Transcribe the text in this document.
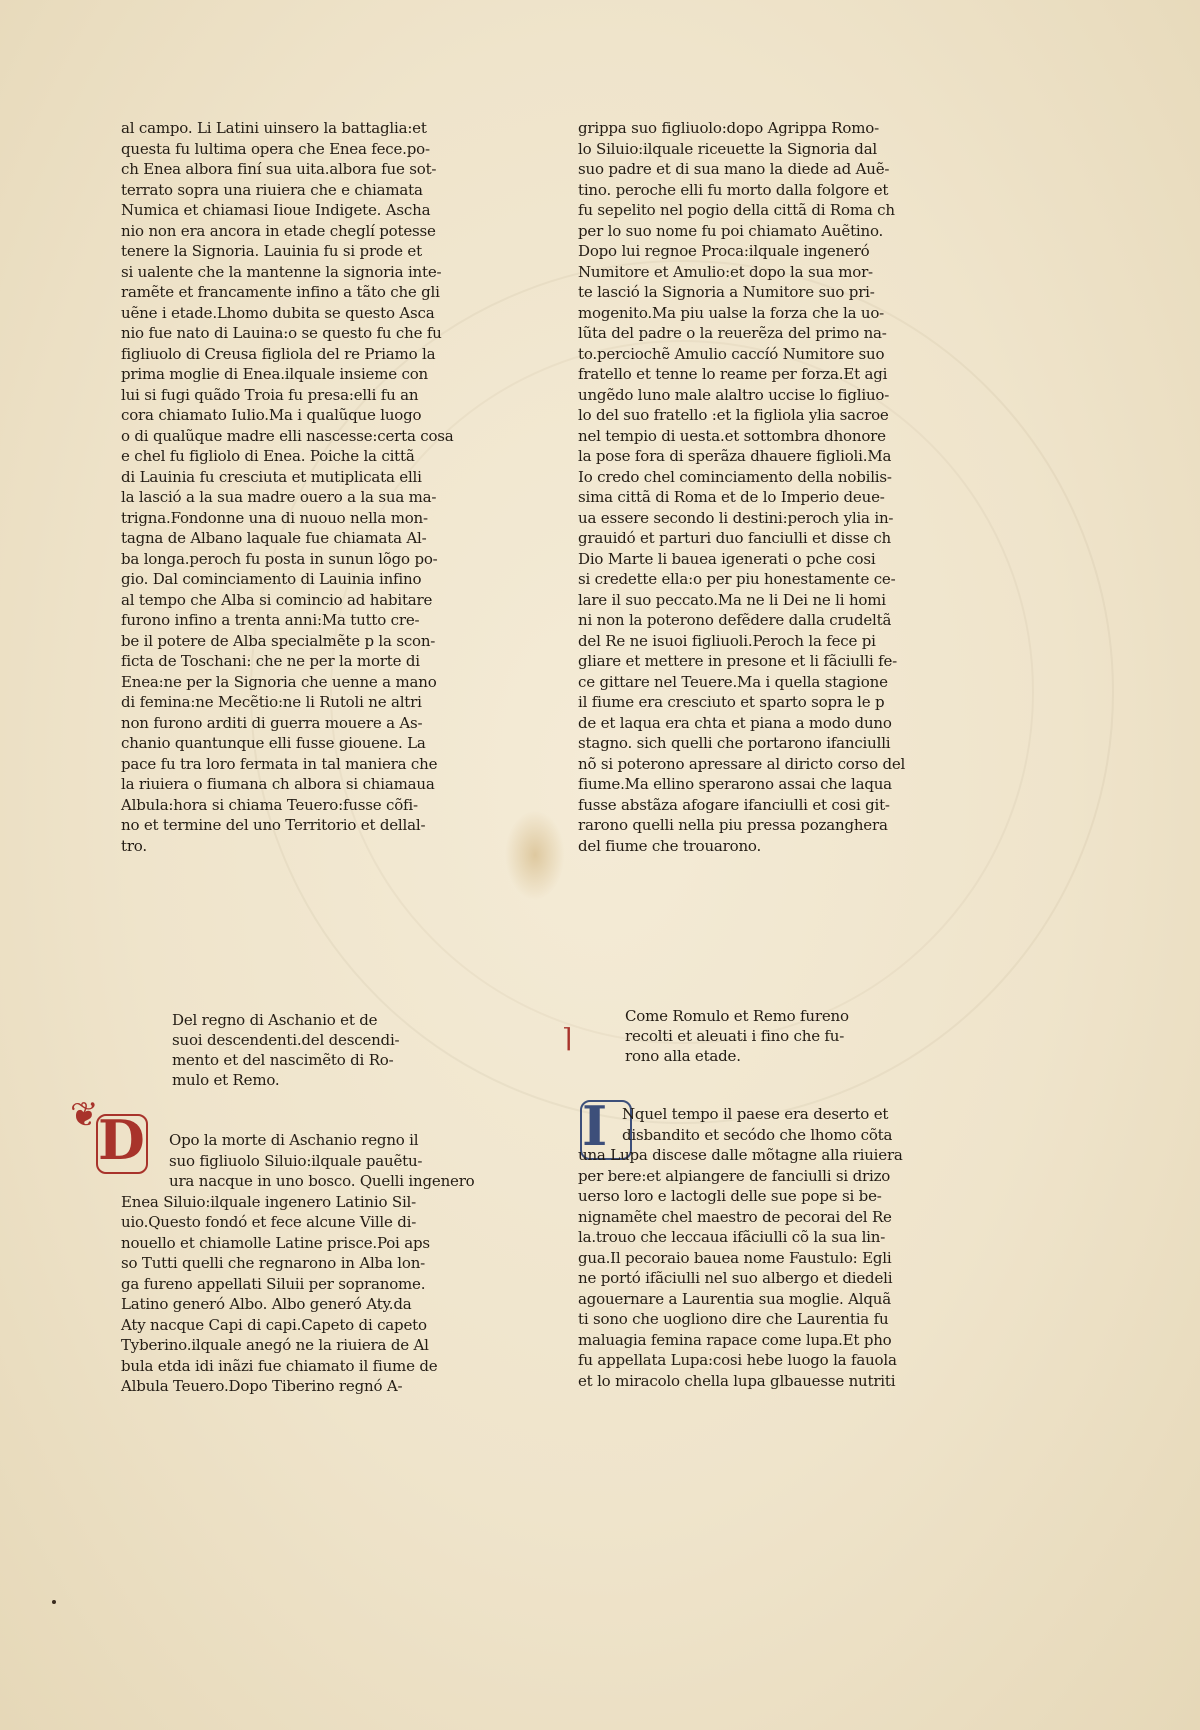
al campo. Li Latini uinsero la battaglia:et
questa fu lultima opera che Enea fece.po-
ch Enea albora finí sua uita.albora fue sot-
terrato sopra una riuiera che e chiamata
Numica et chiamasi Iioue Indigete. Ascha
nio non era ancora in etade cheglí potesse
tenere la Signoria. Lauinia fu si prode et
si ualente che la mantenne la signoria inte-
ramẽte et francamente infino a tãto che gli
uẽne i etade.Lhomo dubita se questo Asca
nio fue nato di Lauina:o se questo fu che fu
figliuolo di Creusa figliola del re Priamo la
prima moglie di Enea.ilquale insieme con
lui si fugi quãdo Troia fu presa:elli fu an
cora chiamato Iulio.Ma i qualũque luogo
o di qualũque madre elli nascesse:certa cosa
e chel fu figliolo di Enea. Poiche la cittã
di Lauinia fu cresciuta et mutiplicata elli
la lasció a la sua madre ouero a la sua ma-
trigna.Fondonne una di nuouo nella mon-
tagna de Albano laquale fue chiamata Al-
ba longa.peroch fu posta in sunun lõgo po-
gio. Dal cominciamento di Lauinia infino
al tempo che Alba si comincio ad habitare
furono infino a trenta anni:Ma tutto cre-
be il potere de Alba specialmẽte p la scon-
ficta de Toschani: che ne per la morte di
Enea:ne per la Signoria che uenne a mano
di femina:ne Mecẽtio:ne li Rutoli ne altri
non furono arditi di guerra mouere a As-
chanio quantunque elli fusse giouene. La
pace fu tra loro fermata in tal maniera che
la riuiera o fiumana ch albora si chiamaua
Albula:hora si chiama Teuero:fusse cõfi-
no et termine del uno Territorio et dellal-
tro.
Del regno di Aschanio et de
suoi descendenti.del descendi-
mento et del nascimẽto di Ro-
mulo et Remo.
D
❦
Opo la morte di Aschanio regno il
suo figliuolo Siluio:ilquale pauẽtu-
ura nacque in uno bosco. Quelli ingenero
Enea Siluio:ilquale ingenero Latinio Sil-
uio.Questo fondó et fece alcune Ville di-
nouello et chiamolle Latine prisce.Poi aps
so Tutti quelli che regnarono in Alba lon-
ga fureno appellati Siluii per sopranome.
Latino generó Albo. Albo generó Aty.da
Aty nacque Capi di capi.Capeto di capeto
Tyberino.ilquale anegó ne la riuiera de Al
bula etda idi inãzi fue chiamato il fiume de
Albula Teuero.Dopo Tiberino regnó A-
grippa suo figliuolo:dopo Agrippa Romo-
lo Siluio:ilquale riceuette la Signoria dal
suo padre et di sua mano la diede ad Auẽ-
tino. peroche elli fu morto dalla folgore et
fu sepelito nel pogio della cittã di Roma ch
per lo suo nome fu poi chiamato Auẽtino.
Dopo lui regnoe Proca:ilquale ingeneró
Numitore et Amulio:et dopo la sua mor-
te lasció la Signoria a Numitore suo pri-
mogenito.Ma piu ualse la forza che la uo-
lũta del padre o la reuerẽza del primo na-
to.perciochẽ Amulio caccíó Numitore suo
fratello et tenne lo reame per forza.Et agi
ungẽdo luno male alaltro uccise lo figliuo-
lo del suo fratello :et la figliola ylia sacroe
nel tempio di uesta.et sottombra dhonore
la pose fora di sperãza dhauere figlioli.Ma
Io credo chel cominciamento della nobilis-
sima cittã di Roma et de lo Imperio deue-
ua essere secondo li destini:peroch ylia in-
grauidó et parturi duo fanciulli et disse ch
Dio Marte li bauea igenerati o pche cosi
si credette ella:o per piu honestamente ce-
lare il suo peccato.Ma ne li Dei ne li homi
ni non la poterono defẽdere dalla crudeltã
del Re ne isuoi figliuoli.Peroch la fece pi
gliare et mettere in presone et li fãciulli fe-
ce gittare nel Teuere.Ma i quella stagione
il fiume era cresciuto et sparto sopra le p
de et laqua era chta et piana a modo duno
stagno. sich quelli che portarono ifanciulli
nõ si poterono apressare al diricto corso del
fiume.Ma ellino sperarono assai che laqua
fusse abstãza afogare ifanciulli et cosi git-
rarono quelli nella piu pressa pozanghera
del fiume che trouarono.
Come Romulo et Remo fureno
recolti et aleuati i fino che fu-
rono alla etade.
⌉
I Nquel tempo il paese era deserto et
disbandito et secódo che lhomo cõta
una Lupa discese dalle mõtagne alla riuiera
per bere:et alpiangere de fanciulli si drizo
uerso loro e lactogli delle sue pope si be-
nignamẽte chel maestro de pecorai del Re
la.trouo che leccaua ifãciulli cõ la sua lin-
gua.Il pecoraio bauea nome Faustulo: Egli
ne portó ifãciulli nel suo albergo et diedeli
agouernare a Laurentia sua moglie. Alquã
ti sono che uogliono dire che Laurentia fu
maluagia femina rapace come lupa.Et pho
fu appellata Lupa:cosi hebe luogo la fauola
et lo miracolo chella lupa glbauesse nutriti
